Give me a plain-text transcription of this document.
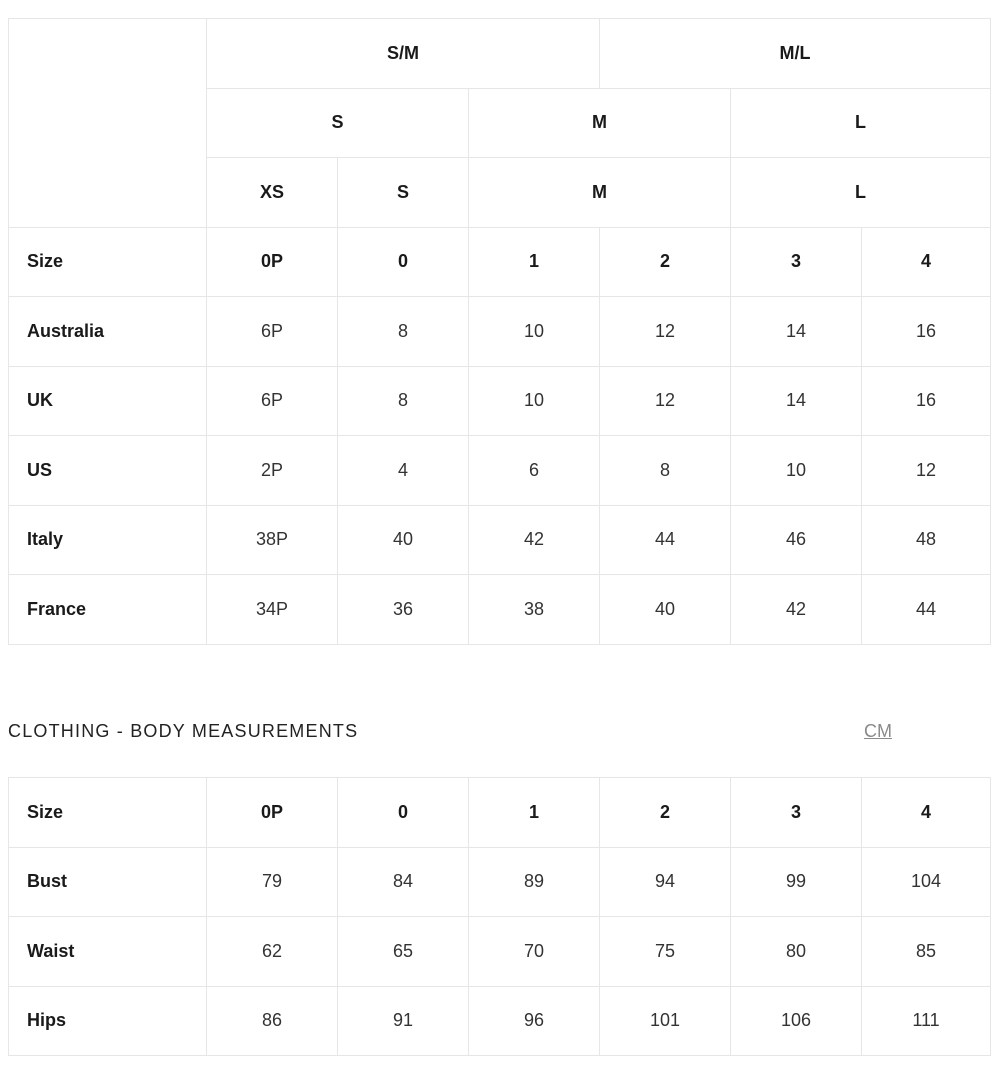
	S/M			M/L		
	S		M		L	
	XS	S	M		L	
Size	0P	0	1	2	3	4
Australia	6P	8	10	12	14	16
UK	6P	8	10	12	14	16
US	2P	4	6	8	10	12
Italy	38P	40	42	44	46	48
France	34P	36	38	40	42	44
CLOTHING - BODY MEASUREMENTS	CM
Size	0P	0	1	2	3	4
Bust	79	84	89	94	99	104
Waist	62	65	70	75	80	85
Hips	86	91	96	101	106	111
